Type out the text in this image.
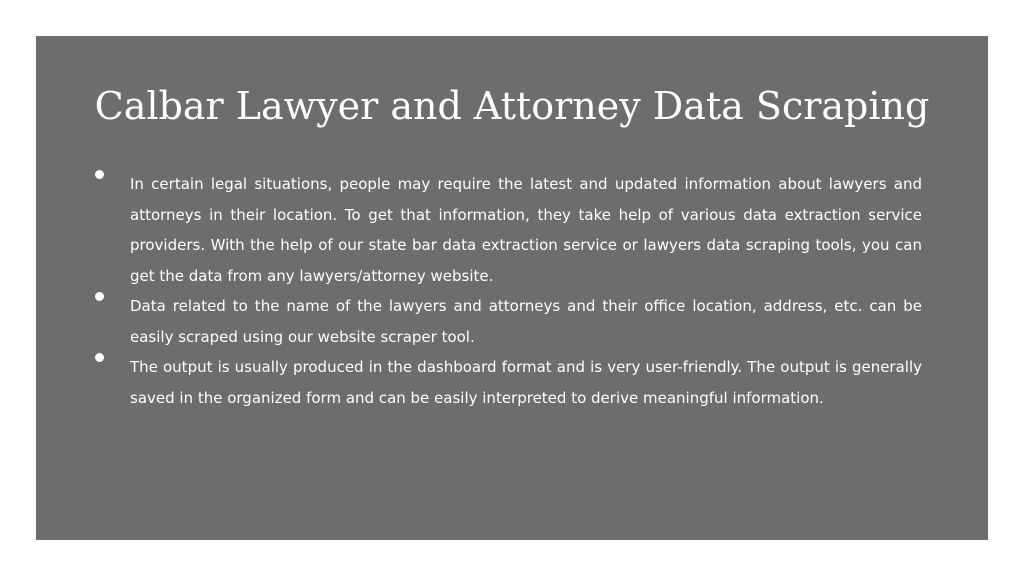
Calbar Lawyer and Attorney Data Scraping
In certain legal situations, people may require the latest and updated information about lawyers and attorneys in their location. To get that information, they take help of various data extraction service providers. With the help of our state bar data extraction service or lawyers data scraping tools, you can get the data from any lawyers/attorney website.
Data related to the name of the lawyers and attorneys and their office location, address, etc. can be easily scraped using our website scraper tool.
The output is usually produced in the dashboard format and is very user-friendly. The output is generally saved in the organized form and can be easily interpreted to derive meaningful information.
